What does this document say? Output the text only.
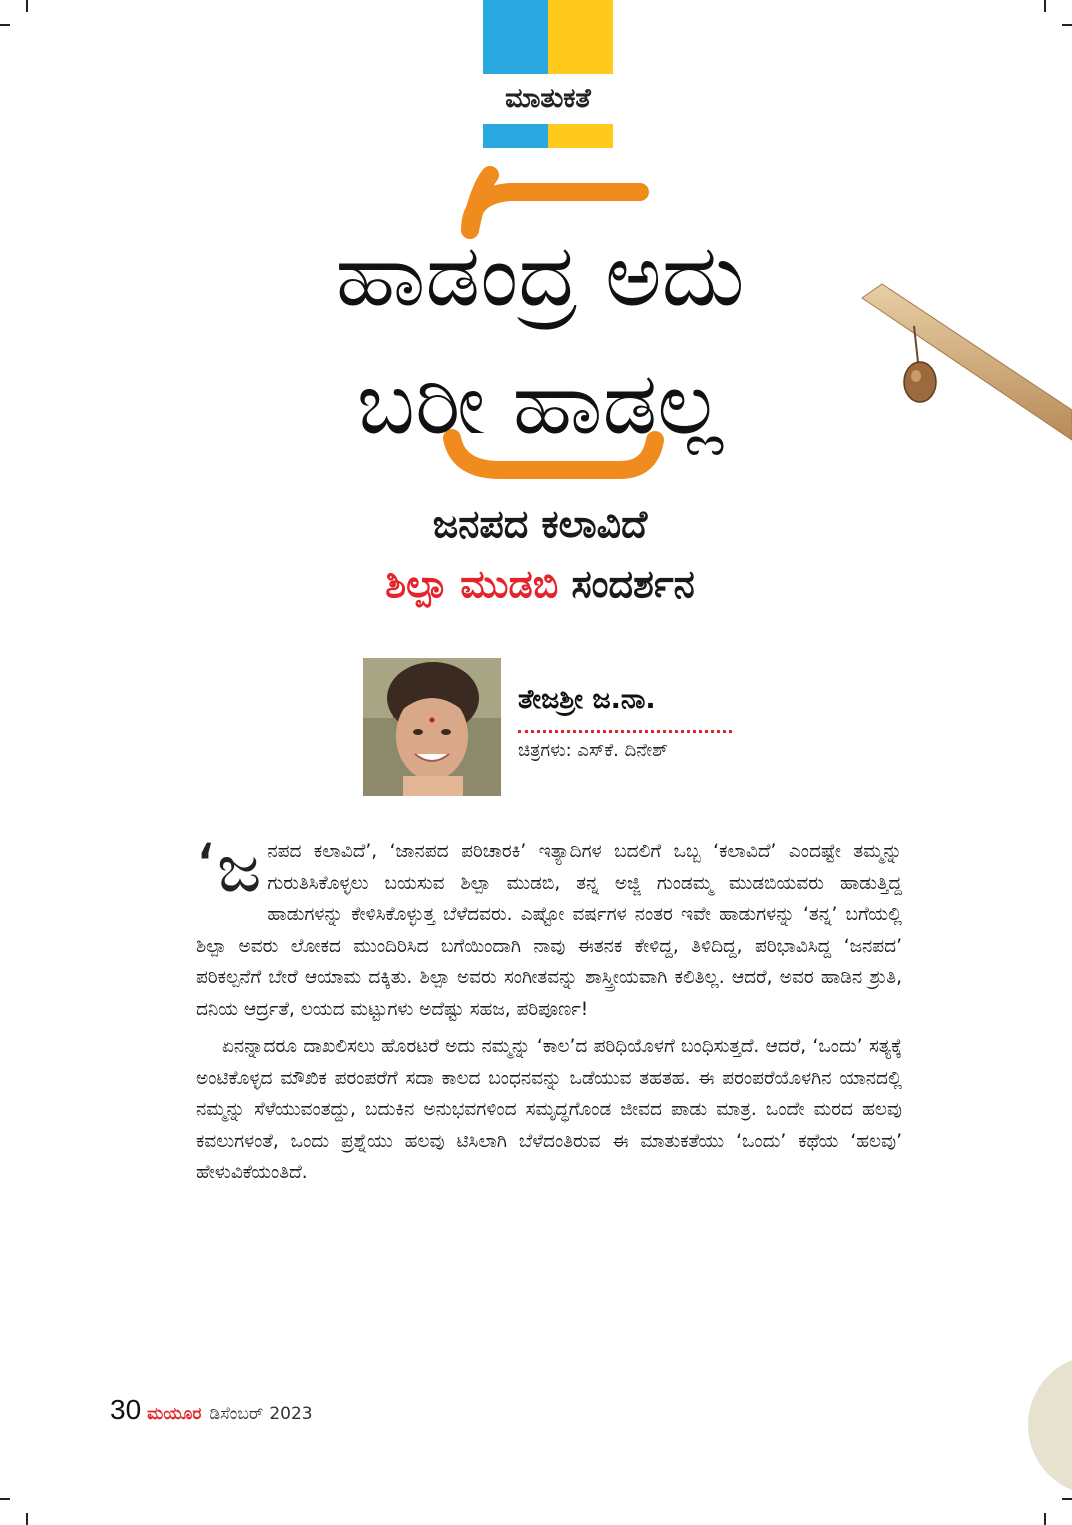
ಮಾತುಕತೆ
ಹಾಡಂದ್ರ ಅದು
ಬರೀ ಹಾಡಲ್ಲ
ಜನಪದ ಕಲಾವಿದೆ
ಶಿಲ್ಪಾ ಮುಡಬಿ ಸಂದರ್ಶನ
ತೇಜಶ್ರೀ ಜ.ನಾ.
ಚಿತ್ರಗಳು: ಎಸ್‌ಕೆ. ದಿನೇಶ್

‘ಜನಪದ ಕಲಾವಿದೆ’, ‘ಜಾನಪದ ಪರಿಚಾರಕಿ’ ಇತ್ಯಾದಿಗಳ ಬದಲಿಗೆ ಒಬ್ಬ ‘ಕಲಾವಿದೆ’ ಎಂದಷ್ಟೇ ತಮ್ಮನ್ನು ಗುರುತಿಸಿಕೊಳ್ಳಲು ಬಯಸುವ ಶಿಲ್ಪಾ ಮುಡಬಿ, ತನ್ನ ಅಜ್ಜಿ ಗುಂಡಮ್ಮ ಮುಡಬಿಯವರು ಹಾಡುತ್ತಿದ್ದ ಹಾಡುಗಳನ್ನು ಕೇಳಿಸಿಕೊಳ್ಳುತ್ತ ಬೆಳೆದವರು. ಎಷ್ಟೋ ವರ್ಷಗಳ ನಂತರ ಇವೇ ಹಾಡುಗಳನ್ನು ‘ತನ್ನ’ ಬಗೆಯಲ್ಲಿ ಶಿಲ್ಪಾ ಅವರು ಲೋಕದ ಮುಂದಿರಿಸಿದ ಬಗೆಯಿಂದಾಗಿ ನಾವು ಈತನಕ ಕೇಳಿದ್ದ, ತಿಳಿದಿದ್ದ, ಪರಿಭಾವಿಸಿದ್ದ ‘ಜನಪದ’ ಪರಿಕಲ್ಪನೆಗೆ ಬೇರೆ ಆಯಾಮ ದಕ್ಕಿತು. ಶಿಲ್ಪಾ ಅವರು ಸಂಗೀತವನ್ನು ಶಾಸ್ತ್ರೀಯವಾಗಿ ಕಲಿತಿಲ್ಲ. ಆದರೆ, ಅವರ ಹಾಡಿನ ಶ್ರುತಿ, ದನಿಯ ಆರ್ದ್ರತೆ, ಲಯದ ಮಟ್ಟುಗಳು ಅದೆಷ್ಟು ಸಹಜ, ಪರಿಪೂರ್ಣ!

ಏನನ್ನಾದರೂ ದಾಖಲಿಸಲು ಹೊರಟರೆ ಅದು ನಮ್ಮನ್ನು ‘ಕಾಲ’ದ ಪರಿಧಿಯೊಳಗೆ ಬಂಧಿಸುತ್ತದೆ. ಆದರೆ, ‘ಒಂದು’ ಸತ್ಯಕ್ಕೆ ಅಂಟಿಕೊಳ್ಳದ ಮೌಖಿಕ ಪರಂಪರೆಗೆ ಸದಾ ಕಾಲದ ಬಂಧನವನ್ನು ಒಡೆಯುವ ತಹತಹ. ಈ ಪರಂಪರೆಯೊಳಗಿನ ಯಾನದಲ್ಲಿ ನಮ್ಮನ್ನು ಸೆಳೆಯುವಂತದ್ದು, ಬದುಕಿನ ಅನುಭವಗಳಿಂದ ಸಮೃದ್ಧಗೊಂಡ ಜೀವದ ಪಾಡು ಮಾತ್ರ. ಒಂದೇ ಮರದ ಹಲವು ಕವಲುಗಳಂತೆ, ಒಂದು ಪ್ರಶ್ನೆಯು ಹಲವು ಟಿಸಿಲಾಗಿ ಬೆಳೆದಂತಿರುವ ಈ ಮಾತುಕತೆಯು ‘ಒಂದು’ ಕಥೆಯ ‘ಹಲವು’ ಹೇಳುವಿಕೆಯಂತಿದೆ.

30 ಮಯೂರ ಡಿಸೆಂಬರ್ 2023
